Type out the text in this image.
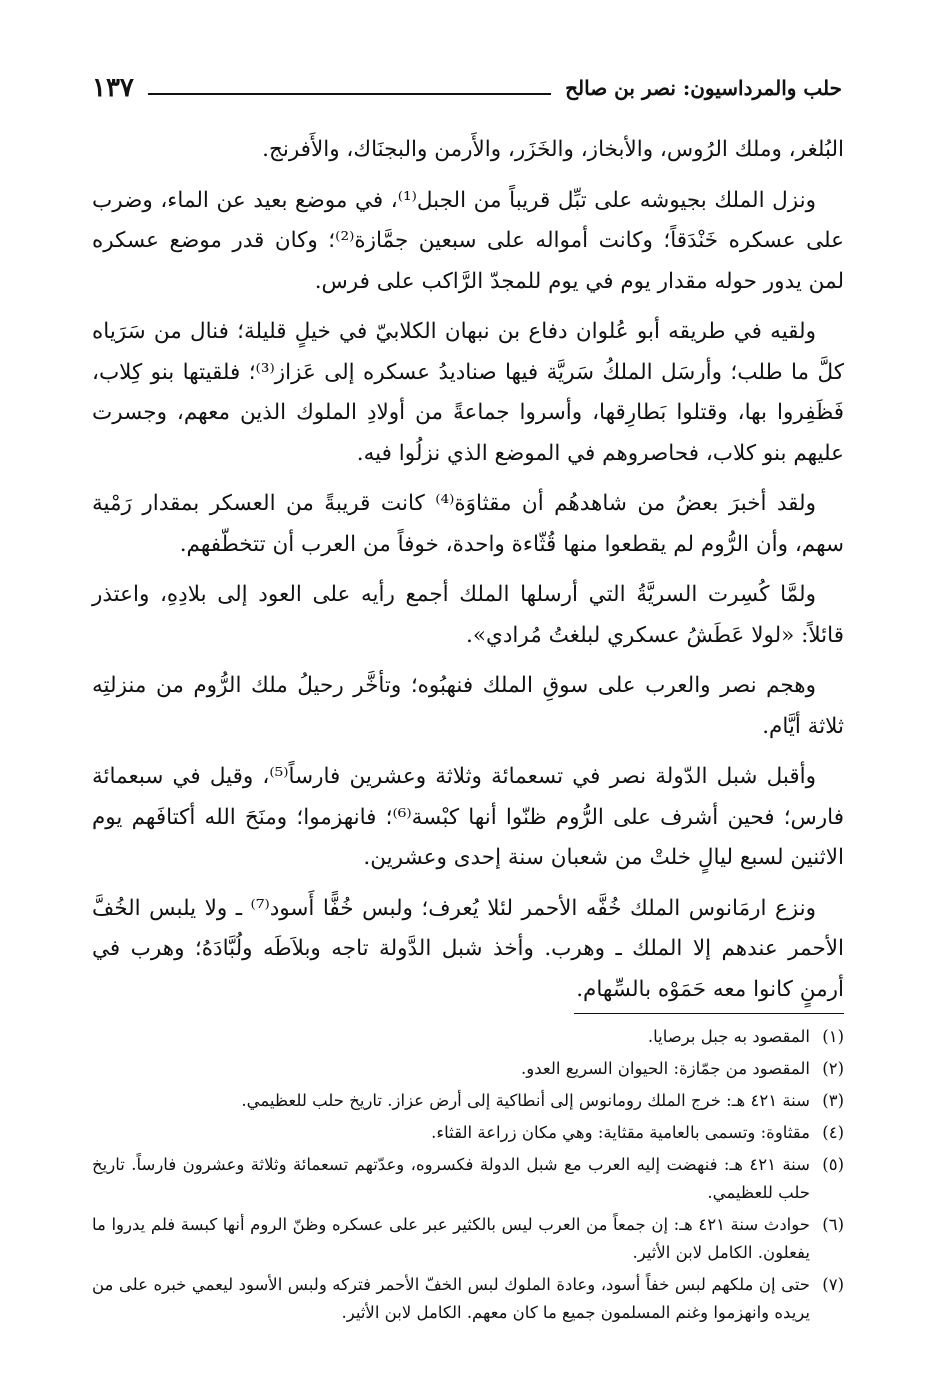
حلب والمرداسيون: نصر بن صالح
١٣٧

البُلغر، وملك الرُوس، والأبخاز، والخَزَر، والأَرمن والبجنَاك، والأَفرنج.

ونزل الملك بجيوشه على تبِّل قريباً من الجبل⁽¹⁾، في موضع بعيد عن الماء، وضرب على عسكره خَنْدَقاً؛ وكانت أمواله على سبعين جمَّازة⁽²⁾؛ وكان قدر موضع عسكره لمن يدور حوله مقدار يوم في يوم للمجدّ الرَّاكب على فرس.

ولقيه في طريقه أبو عُلوان دفاع بن نبهان الكلابيّ في خيلٍ قليلة؛ فنال من سَرَياه كلَّ ما طلب؛ وأرسَل الملكُ سَريَّة فيها صناديدُ عسكره إلى عَزاز⁽³⁾؛ فلقيتها بنو كِلاب، فَظَفِروا بها، وقتلوا بَطارِقها، وأسروا جماعةً من أولادِ الملوك الذين معهم، وجسرت عليهم بنو كلاب، فحاصروهم في الموضع الذي نزلُوا فيه.

ولقد أخبرَ بعضُ من شاهدهُم أن مقثاوَة⁽⁴⁾ كانت قريبةً من العسكر بمقدار رَمْية سهم، وأن الرُّوم لم يقطعوا منها قُثّاءة واحدة، خوفاً من العرب أن تتخطّفهم.

ولمَّا كُسِرت السريَّةُ التي أرسلها الملك أجمع رأيه على العود إلى بلادِهِ، واعتذر قائلاً: «لولا عَطَشُ عسكري لبلغتُ مُرادي».

وهجم نصر والعرب على سوقِ الملك فنهبُوه؛ وتأخَّر رحيلُ ملك الرُّوم من منزلتِه ثلاثة أيَّام.

وأقبل شبل الدّولة نصر في تسعمائة وثلاثة وعشرين فارساً⁽⁵⁾، وقيل في سبعمائة فارس؛ فحين أشرف على الرُّوم ظنّوا أنها كبْسة⁽⁶⁾؛ فانهزموا؛ ومنَحَ الله أكتافَهم يوم الاثنين لسبع ليالٍ خلتْ من شعبان سنة إحدى وعشرين.

ونزع ارمَانوس الملك خُفَّه الأحمر لئلا يُعرف؛ ولبس خُفًّا أَسود⁽⁷⁾ ـ ولا يلبس الخُفَّ الأحمر عندهم إلا الملك ـ وهرب. وأخذ شبل الدَّولة تاجه وبلاَطَه ولُبَّادَهُ؛ وهرب في أرمنٍ كانوا معه حَمَوْه بالسِّهام.

(١)
المقصود به جبل برصايا.
(٢)
المقصود من جمّازة: الحيوان السريع العدو.
(٣)
سنة ٤٢١ هـ: خرج الملك رومانوس إلى أنطاكية إلى أرض عزاز. تاريخ حلب للعظيمي.
(٤)
مقثاوة: وتسمى بالعامية مقثاية: وهي مكان زراعة القثاء.
(٥)
سنة ٤٢١ هـ: فنهضت إليه العرب مع شبل الدولة فكسروه، وعدّتهم تسعمائة وثلاثة وعشرون فارساً. تاريخ حلب للعظيمي.
(٦)
حوادث سنة ٤٢١ هـ: إن جمعاً من العرب ليس بالكثير عبر على عسكره وظنّ الروم أنها كبسة فلم يدروا ما يفعلون. الكامل لابن الأثير.
(٧)
حتى إن ملكهم لبس خفاً أسود، وعادة الملوك لبس الخفّ الأحمر فتركه ولبس الأسود ليعمي خبره على من يريده وانهزموا وغنم المسلمون جميع ما كان معهم. الكامل لابن الأثير.
